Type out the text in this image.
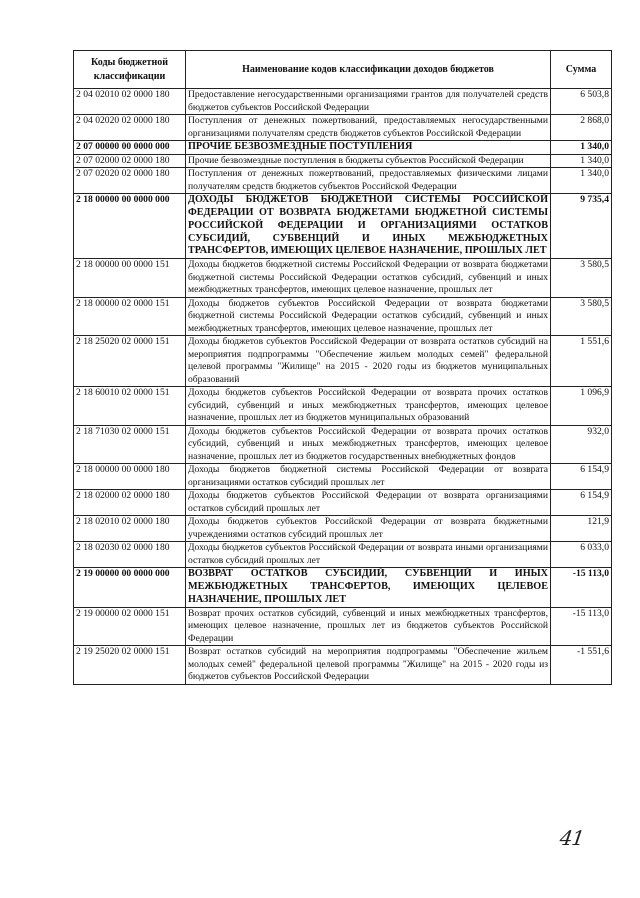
Коды бюджетной классификации	Наименование кодов классификации доходов бюджетов	Сумма
2 04 02010 02 0000 180	Предоставление негосударственными организациями грантов для получателей средств бюджетов субъектов Российской Федерации	6 503,8
2 04 02020 02 0000 180	Поступления от денежных пожертвований, предоставляемых негосударственными организациями получателям средств бюджетов субъектов Российской Федерации	2 868,0
2 07 00000 00 0000 000	ПРОЧИЕ БЕЗВОЗМЕЗДНЫЕ ПОСТУПЛЕНИЯ	1 340,0
2 07 02000 02 0000 180	Прочие безвозмездные поступления в бюджеты субъектов Российской Федерации	1 340,0
2 07 02020 02 0000 180	Поступления от денежных пожертвований, предоставляемых физическими лицами получателям средств бюджетов субъектов Российской Федерации	1 340,0
2 18 00000 00 0000 000	ДОХОДЫ БЮДЖЕТОВ БЮДЖЕТНОЙ СИСТЕМЫ РОССИЙСКОЙ ФЕДЕРАЦИИ ОТ ВОЗВРАТА БЮДЖЕТАМИ БЮДЖЕТНОЙ СИСТЕМЫ РОССИЙСКОЙ ФЕДЕРАЦИИ И ОРГАНИЗАЦИЯМИ ОСТАТКОВ СУБСИДИЙ, СУБВЕНЦИЙ И ИНЫХ МЕЖБЮДЖЕТНЫХ ТРАНСФЕРТОВ, ИМЕЮЩИХ ЦЕЛЕВОЕ НАЗНАЧЕНИЕ, ПРОШЛЫХ ЛЕТ	9 735,4
2 18 00000 00 0000 151	Доходы бюджетов бюджетной системы Российской Федерации от возврата бюджетами бюджетной системы Российской Федерации остатков субсидий, субвенций и иных межбюджетных трансфертов, имеющих целевое назначение, прошлых лет	3 580,5
2 18 00000 02 0000 151	Доходы бюджетов субъектов Российской Федерации от возврата бюджетами бюджетной системы Российской Федерации остатков субсидий, субвенций и иных межбюджетных трансфертов, имеющих целевое назначение, прошлых лет	3 580,5
2 18 25020 02 0000 151	Доходы бюджетов субъектов Российской Федерации от возврата остатков субсидий на мероприятия подпрограммы "Обеспечение жильем молодых семей" федеральной целевой программы "Жилище" на 2015 - 2020 годы из бюджетов муниципальных образований	1 551,6
2 18 60010 02 0000 151	Доходы бюджетов субъектов Российской Федерации от возврата прочих остатков субсидий, субвенций и иных межбюджетных трансфертов, имеющих целевое назначение, прошлых лет из бюджетов муниципальных образований	1 096,9
2 18 71030 02 0000 151	Доходы бюджетов субъектов Российской Федерации от возврата прочих остатков субсидий, субвенций и иных межбюджетных трансфертов, имеющих целевое назначение, прошлых лет из бюджетов государственных внебюджетных фондов	932,0
2 18 00000 00 0000 180	Доходы бюджетов бюджетной системы Российской Федерации от возврата организациями остатков субсидий прошлых лет	6 154,9
2 18 02000 02 0000 180	Доходы бюджетов субъектов Российской Федерации от возврата организациями остатков субсидий прошлых лет	6 154,9
2 18 02010 02 0000 180	Доходы бюджетов субъектов Российской Федерации от возврата бюджетными учреждениями остатков субсидий прошлых лет	121,9
2 18 02030 02 0000 180	Доходы бюджетов субъектов Российской Федерации от возврата иными организациями остатков субсидий прошлых лет	6 033,0
2 19 00000 00 0000 000	ВОЗВРАТ ОСТАТКОВ СУБСИДИЙ, СУБВЕНЦИЙ И ИНЫХ МЕЖБЮДЖЕТНЫХ ТРАНСФЕРТОВ, ИМЕЮЩИХ ЦЕЛЕВОЕ НАЗНАЧЕНИЕ, ПРОШЛЫХ ЛЕТ	-15 113,0
2 19 00000 02 0000 151	Возврат прочих остатков субсидий, субвенций и иных межбюджетных трансфертов, имеющих целевое назначение, прошлых лет из бюджетов субъектов Российской Федерации	-15 113,0
2 19 25020 02 0000 151	Возврат остатков субсидий на мероприятия подпрограммы "Обеспечение жильем молодых семей" федеральной целевой программы "Жилище" на 2015 - 2020 годы из бюджетов субъектов Российской Федерации	-1 551,6
41
